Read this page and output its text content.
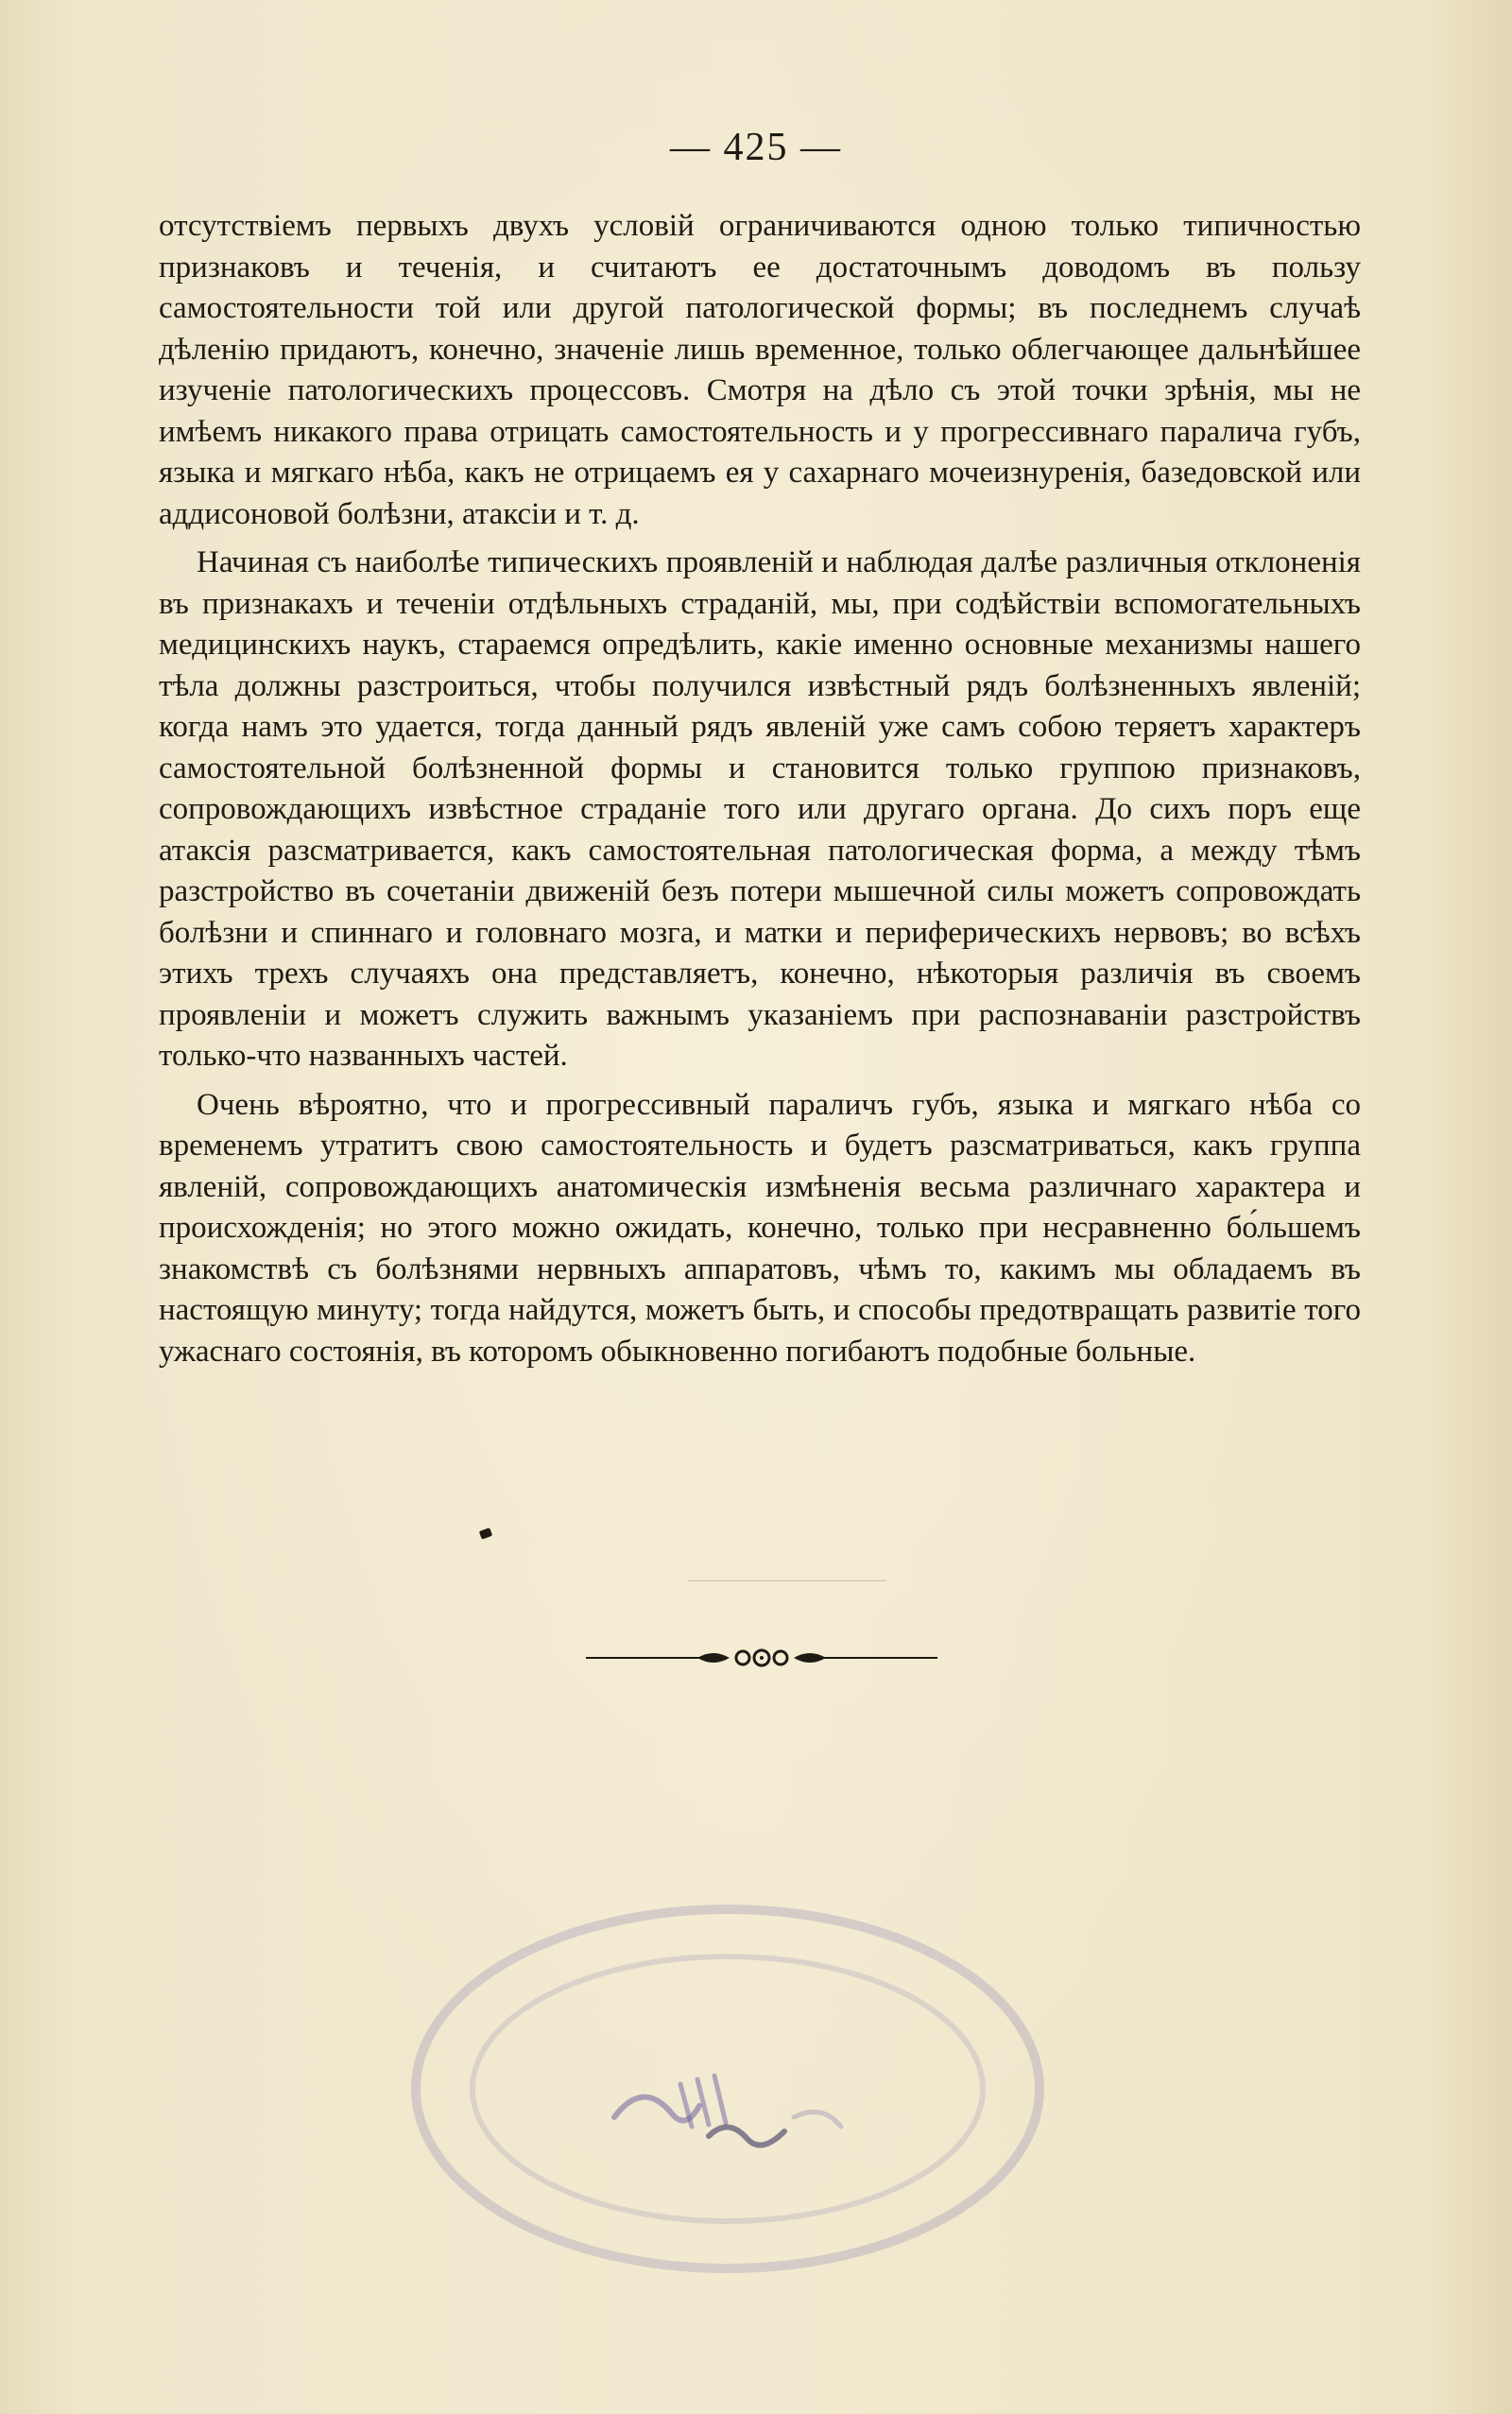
— 425 —

отсутствіемъ первыхъ двухъ условій ограничиваются одною только типичностью признаковъ и теченія, и считаютъ ее достаточнымъ доводомъ въ пользу самостоятельности той или другой патологической формы; въ последнемъ случаѣ дѣленію придаютъ, конечно, значеніе лишь временное, только облегчающее дальнѣйшее изученіе патологическихъ процессовъ. Смотря на дѣло съ этой точки зрѣнія, мы не имѣемъ никакого права отрицать самостоятельность и у прогрессивнаго паралича губъ, языка и мягкаго нѣба, какъ не отрицаемъ ея у сахарнаго мочеизнуренія, базедовской или аддисоновой болѣзни, атаксіи и т. д.

Начиная съ наиболѣе типическихъ проявленій и наблюдая далѣе различныя отклоненія въ признакахъ и теченіи отдѣльныхъ страданій, мы, при содѣйствіи вспомогательныхъ медицинскихъ наукъ, стараемся опредѣлить, какіе именно основные механизмы нашего тѣла должны разстроиться, чтобы получился извѣстный рядъ болѣзненныхъ явленій; когда намъ это удается, тогда данный рядъ явленій уже самъ собою теряетъ характеръ самостоятельной болѣзненной формы и становится только группою признаковъ, сопровождающихъ извѣстное страданіе того или другаго органа. До сихъ поръ еще атаксія разсматривается, какъ самостоятельная патологическая форма, а между тѣмъ разстройство въ сочетаніи движеній безъ потери мышечной силы можетъ сопровождать болѣзни и спиннаго и головнаго мозга, и матки и периферическихъ нервовъ; во всѣхъ этихъ трехъ случаяхъ она представляетъ, конечно, нѣкоторыя различія въ своемъ проявленіи и можетъ служить важнымъ указаніемъ при распознаваніи разстройствъ только-что названныхъ частей.

Очень вѣроятно, что и прогрессивный параличъ губъ, языка и мягкаго нѣба со временемъ утратитъ свою самостоятельность и будетъ разсматриваться, какъ группа явленій, сопровождающихъ анатомическія измѣненія весьма различнаго характера и происхожденія; но этого можно ожидать, конечно, только при несравненно бо́льшемъ знакомствѣ съ болѣзнями нервныхъ аппаратовъ, чѣмъ то, какимъ мы обладаемъ въ настоящую минуту; тогда найдутся, можетъ быть, и способы предотвращать развитіе того ужаснаго состоянія, въ которомъ обыкновенно погибаютъ подобные больные.
